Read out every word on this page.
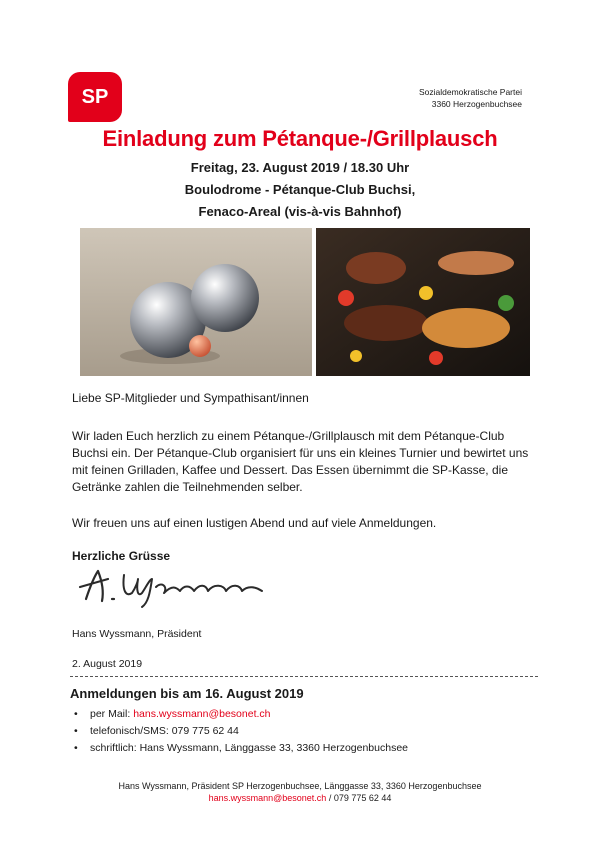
SP	Sozialdemokratische Partei
3360 Herzogenbuchsee
Einladung zum Pétanque-/Grillplausch
Freitag, 23. August 2019 / 18.30 Uhr
Boulodrome - Pétanque-Club Buchsi,
Fenaco-Areal (vis-à-vis Bahnhof)
Liebe SP-Mitglieder und Sympathisant/innen
Wir laden Euch herzlich zu einem Pétanque-/Grillplausch mit dem Pétanque-Club Buchsi ein. Der Pétanque-Club organisiert für uns ein kleines Turnier und bewirtet uns mit feinen Grilladen, Kaffee und Dessert. Das Essen übernimmt die SP-Kasse, die Getränke zahlen die Teilnehmenden selber.
Wir freuen uns auf einen lustigen Abend und auf viele Anmeldungen.
Herzliche Grüsse
Hans Wyssmann, Präsident
2. August 2019
Anmeldungen bis am 16. August 2019
• per Mail: hans.wyssmann@besonet.ch
• telefonisch/SMS: 079 775 62 44
• schriftlich: Hans Wyssmann, Länggasse 33, 3360 Herzogenbuchsee
Hans Wyssmann, Präsident SP Herzogenbuchsee, Länggasse 33, 3360 Herzogenbuchsee
hans.wyssmann@besonet.ch / 079 775 62 44
